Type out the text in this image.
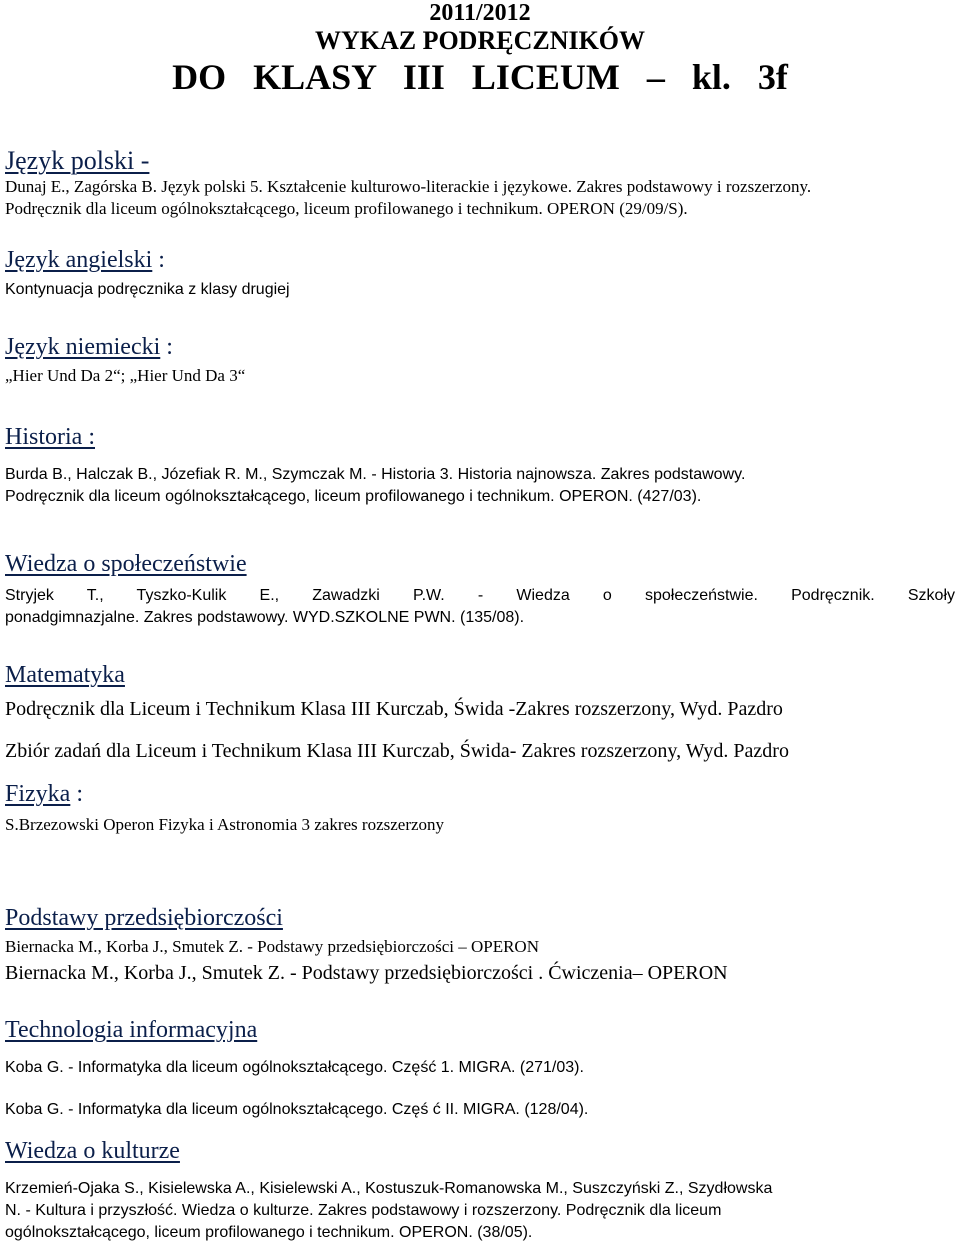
2011/2012
WYKAZ PODRĘCZNIKÓW
DO KLASY III LICEUM – kl. 3f
Język polski -
Dunaj E., Zagórska B. Język polski 5. Kształcenie kulturowo-literackie i językowe. Zakres podstawowy i rozszerzony.
Podręcznik dla liceum ogólnokształcącego, liceum profilowanego i technikum. OPERON (29/09/S).
Język angielski :
Kontynuacja podręcznika z klasy drugiej
Język niemiecki :
„Hier Und Da 2“; „Hier Und Da 3“
Historia :
Burda B., Halczak B., Józefiak R. M., Szymczak M. - Historia 3. Historia najnowsza. Zakres podstawowy.
Podręcznik dla liceum ogólnokształcącego, liceum profilowanego i technikum. OPERON. (427/03).
Wiedza o społeczeństwie
Stryjek T., Tyszko-Kulik E., Zawadzki P.W. - Wiedza o społeczeństwie. Podręcznik. Szkoły
ponadgimnazjalne. Zakres podstawowy. WYD.SZKOLNE PWN. (135/08).
Matematyka
Podręcznik dla Liceum i Technikum Klasa III Kurczab, Świda -Zakres rozszerzony, Wyd. Pazdro
Zbiór zadań dla Liceum i Technikum Klasa III Kurczab, Świda- Zakres rozszerzony, Wyd. Pazdro
Fizyka :
S.Brzezowski Operon Fizyka i Astronomia 3 zakres rozszerzony
Podstawy przedsiębiorczości
Biernacka M., Korba J., Smutek Z. - Podstawy przedsiębiorczości – OPERON
Biernacka M., Korba J., Smutek Z. - Podstawy przedsiębiorczości . Ćwiczenia– OPERON
Technologia informacyjna
Koba G. - Informatyka dla liceum ogólnokształcącego. Część 1. MIGRA. (271/03).
Koba G. - Informatyka dla liceum ogólnokształcącego. Częś ć II. MIGRA. (128/04).
Wiedza o kulturze
Krzemień-Ojaka S., Kisielewska A., Kisielewski A., Kostuszuk-Romanowska M., Suszczyński Z., Szydłowska
N. - Kultura i przyszłość. Wiedza o kulturze. Zakres podstawowy i rozszerzony. Podręcznik dla liceum
ogólnokształcącego, liceum profilowanego i technikum. OPERON. (38/05).
